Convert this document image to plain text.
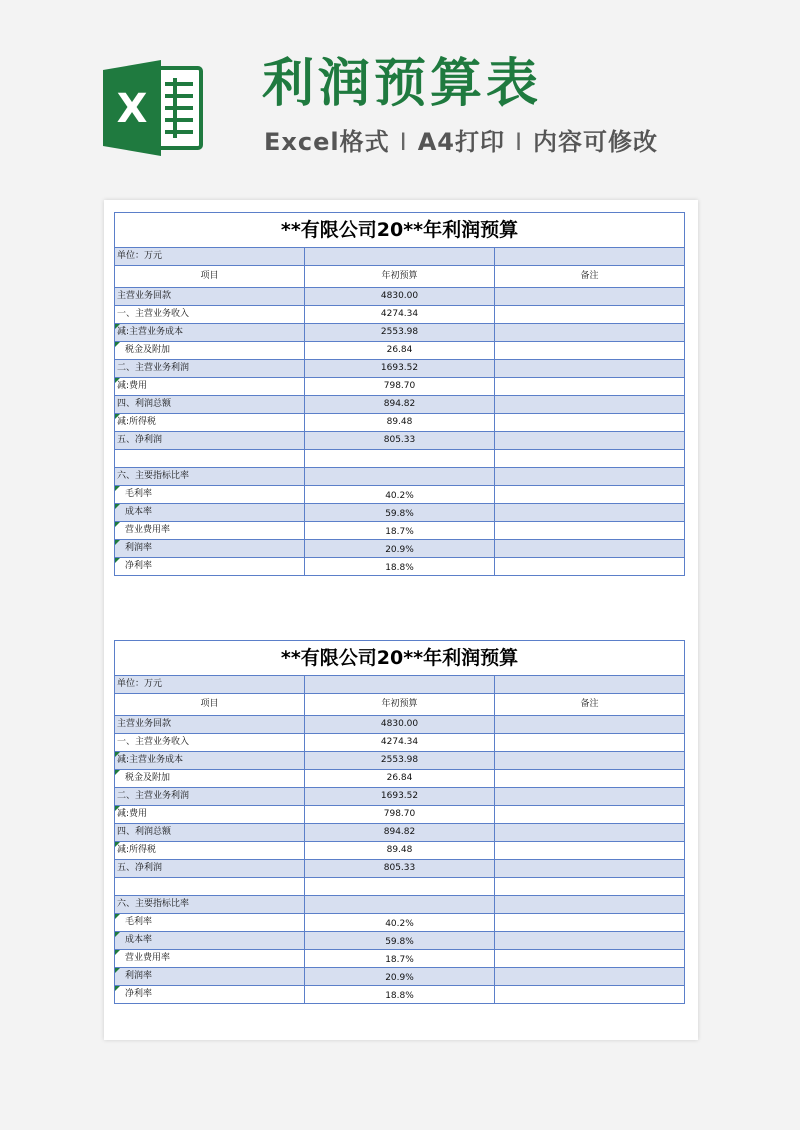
X 利润预算表
Excel格式 I A4打印 I 内容可修改
**有限公司20**年利润预算		
单位：万元		
项目	年初预算	备注
主营业务回款	4830.00	
一、主营业务收入	4274.34	
减:主营业务成本	2553.98	
税金及附加	26.84	
二、主营业务利润	1693.52	
减:费用	798.70	
四、利润总额	894.82	
减:所得税	89.48	
五、净利润	805.33	

六、主要指标比率		
毛利率	40.2%	
成本率	59.8%	
营业费用率	18.7%	
利润率	20.9%	
净利率	18.8%	
**有限公司20**年利润预算		
单位：万元		
项目	年初预算	备注
主营业务回款	4830.00	
一、主营业务收入	4274.34	
减:主营业务成本	2553.98	
税金及附加	26.84	
二、主营业务利润	1693.52	
减:费用	798.70	
四、利润总额	894.82	
减:所得税	89.48	
五、净利润	805.33	

六、主要指标比率		
毛利率	40.2%	
成本率	59.8%	
营业费用率	18.7%	
利润率	20.9%	
净利率	18.8%	
